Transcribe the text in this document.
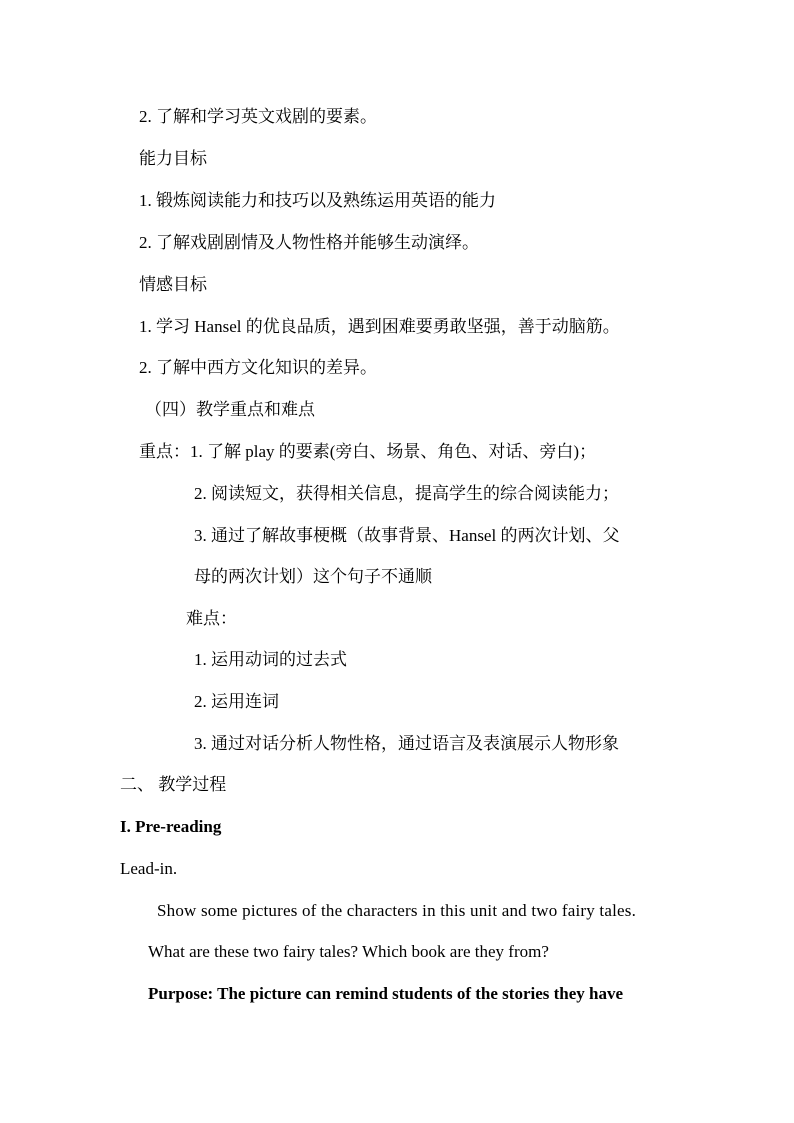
2. 了解和学习英文戏剧的要素。
能力目标
1. 锻炼阅读能力和技巧以及熟练运用英语的能力
2. 了解戏剧剧情及人物性格并能够生动演绎。
情感目标
1. 学习 Hansel 的优良品质，遇到困难要勇敢坚强，善于动脑筋。
2. 了解中西方文化知识的差异。
（四）教学重点和难点
重点：1. 了解 play 的要素(旁白、场景、角色、对话、旁白)；
2. 阅读短文，获得相关信息，提高学生的综合阅读能力；
3. 通过了解故事梗概（故事背景、Hansel 的两次计划、父
母的两次计划）这个句子不通顺
难点：
1. 运用动词的过去式
2. 运用连词
3. 通过对话分析人物性格，通过语言及表演展示人物形象
二、 教学过程
I. Pre-reading
Lead-in.
Show some pictures of the characters in this unit and two fairy tales.
What are these two fairy tales? Which book are they from?
Purpose: The picture can remind students of the stories they have
